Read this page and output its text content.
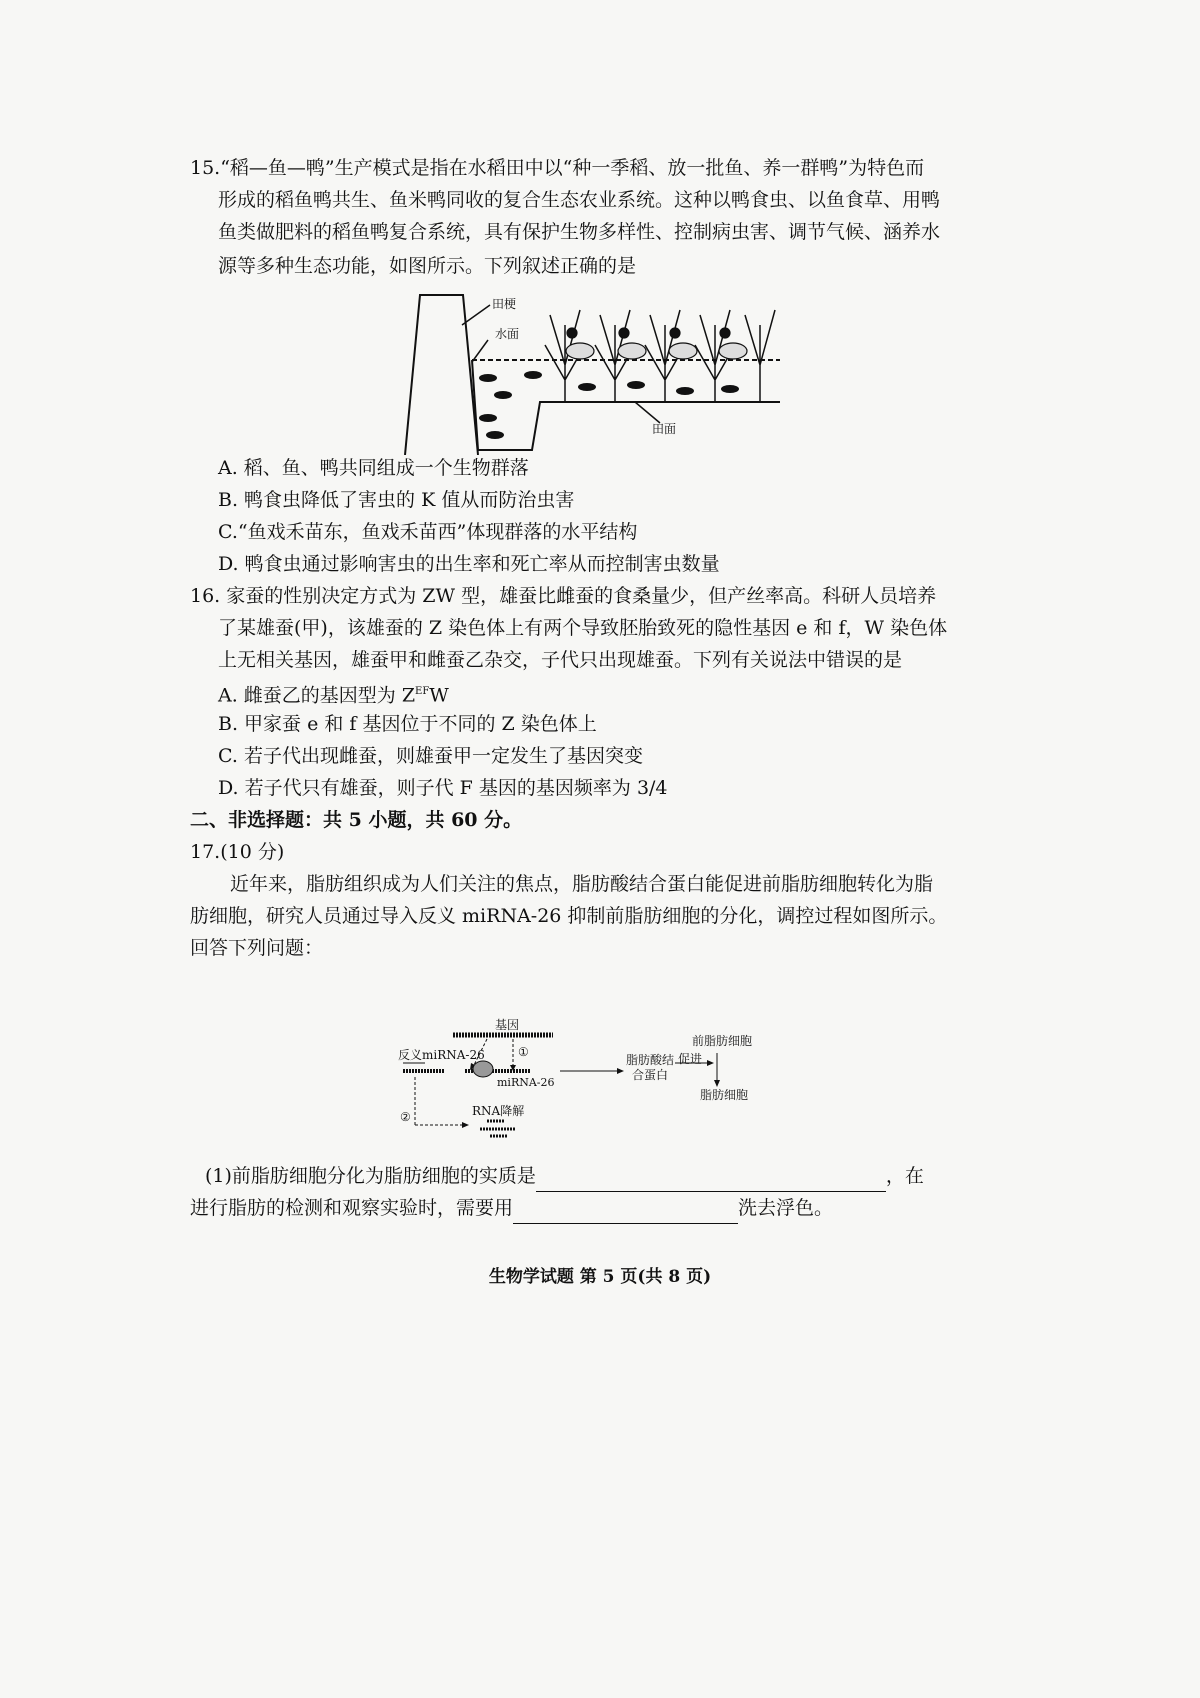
15.“稻—鱼—鸭”生产模式是指在水稻田中以“种一季稻、放一批鱼、养一群鸭”为特色而
形成的稻鱼鸭共生、鱼米鸭同收的复合生态农业系统。这种以鸭食虫、以鱼食草、用鸭
鱼类做肥料的稻鱼鸭复合系统，具有保护生物多样性、控制病虫害、调节气候、涵养水
源等多种生态功能，如图所示。下列叙述正确的是
田梗
水面
田面
A. 稻、鱼、鸭共同组成一个生物群落
B. 鸭食虫降低了害虫的 K 值从而防治虫害
C.“鱼戏禾苗东，鱼戏禾苗西”体现群落的水平结构
D. 鸭食虫通过影响害虫的出生率和死亡率从而控制害虫数量
16. 家蚕的性别决定方式为 ZW 型，雄蚕比雌蚕的食桑量少，但产丝率高。科研人员培养
了某雄蚕(甲)，该雄蚕的 Z 染色体上有两个导致胚胎致死的隐性基因 e 和 f，W 染色体
上无相关基因，雄蚕甲和雌蚕乙杂交，子代只出现雄蚕。下列有关说法中错误的是
A. 雌蚕乙的基因型为 $Z^{EF}W$
B. 甲家蚕 e 和 f 基因位于不同的 Z 染色体上
C. 若子代出现雌蚕，则雄蚕甲一定发生了基因突变
D. 若子代只有雄蚕，则子代 F 基因的基因频率为 3/4
二、非选择题：共 5 小题，共 60 分。
17.(10 分)
近年来，脂肪组织成为人们关注的焦点，脂肪酸结合蛋白能促进前脂肪细胞转化为脂
肪细胞，研究人员通过导入反义 miRNA-26 抑制前脂肪细胞的分化，调控过程如图所示。
回答下列问题：
基因
①
反义miRNA-26
miRNA-26
脂肪酸结
合蛋白
促进
前脂肪细胞
脂肪细胞
②	RNA降解
(1)前脂肪细胞分化为脂肪细胞的实质是	，在
进行脂肪的检测和观察实验时，需要用	洗去浮色。
生物学试题 第 5 页(共 8 页)
